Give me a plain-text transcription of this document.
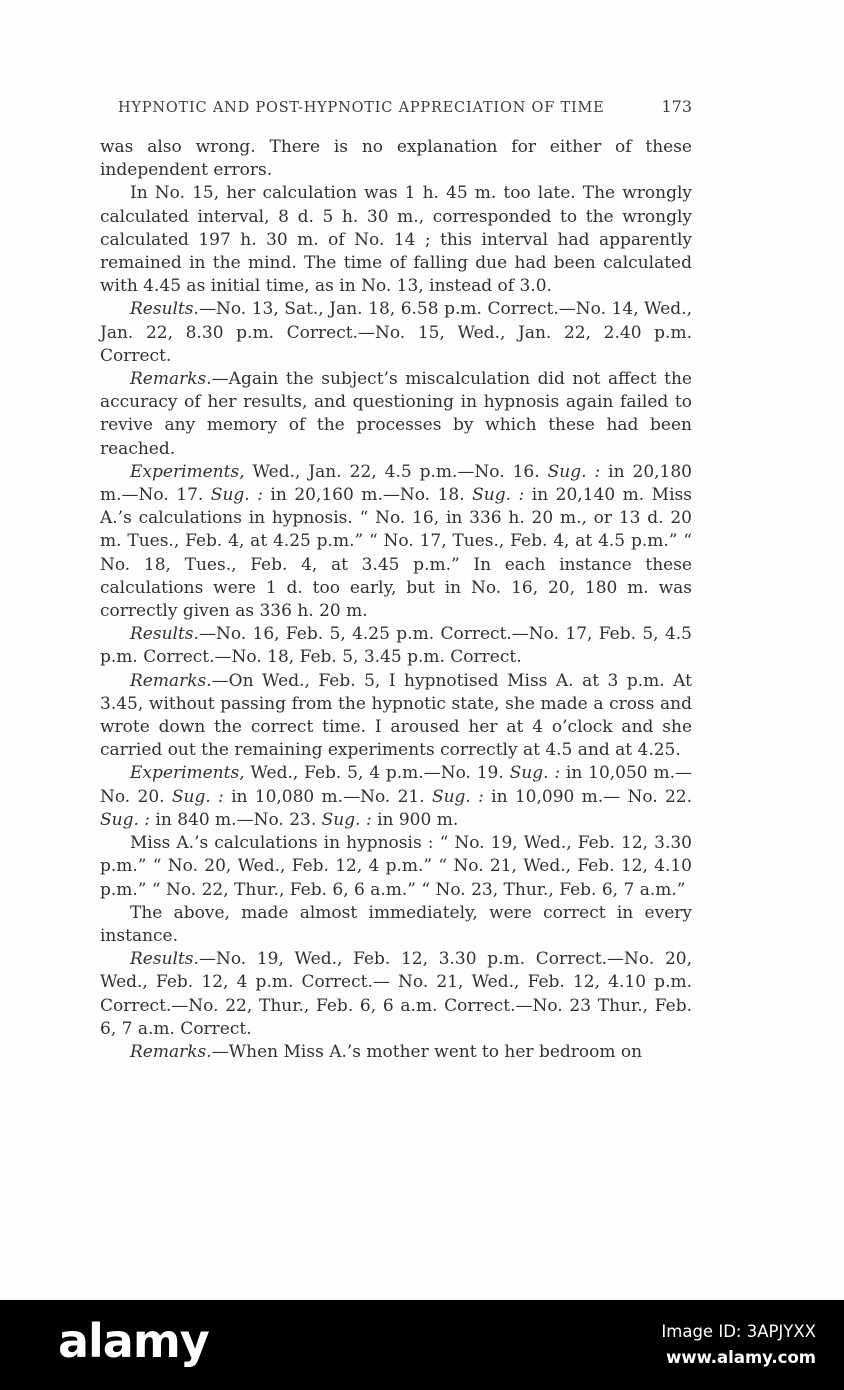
HYPNOTIC AND POST-HYPNOTIC APPRECIATION OF TIME	173

was also wrong. There is no explanation for either of these independent errors.

In No. 15, her calculation was 1 h. 45 m. too late. The wrongly calculated interval, 8 d. 5 h. 30 m., corresponded to the wrongly calculated 197 h. 30 m. of No. 14 ; this interval had apparently remained in the mind. The time of falling due had been calculated with 4.45 as initial time, as in No. 13, instead of 3.0.

Results.—No. 13, Sat., Jan. 18, 6.58 p.m. Correct.—No. 14, Wed., Jan. 22, 8.30 p.m. Correct.—No. 15, Wed., Jan. 22, 2.40 p.m. Correct.

Remarks.—Again the subject’s miscalculation did not affect the accuracy of her results, and questioning in hypnosis again failed to revive any memory of the processes by which these had been reached.

Experiments, Wed., Jan. 22, 4.5 p.m.—No. 16. Sug. : in 20,180 m.—No. 17. Sug. : in 20,160 m.—No. 18. Sug. : in 20,140 m. Miss A.’s calculations in hypnosis. “ No. 16, in 336 h. 20 m., or 13 d. 20 m. Tues., Feb. 4, at 4.25 p.m.” “ No. 17, Tues., Feb. 4, at 4.5 p.m.” “ No. 18, Tues., Feb. 4, at 3.45 p.m.” In each instance these calculations were 1 d. too early, but in No. 16, 20, 180 m. was correctly given as 336 h. 20 m.

Results.—No. 16, Feb. 5, 4.25 p.m. Correct.—No. 17, Feb. 5, 4.5 p.m. Correct.—No. 18, Feb. 5, 3.45 p.m. Correct.

Remarks.—On Wed., Feb. 5, I hypnotised Miss A. at 3 p.m. At 3.45, without passing from the hypnotic state, she made a cross and wrote down the correct time. I aroused her at 4 o’clock and she carried out the remaining experiments correctly at 4.5 and at 4.25.

Experiments, Wed., Feb. 5, 4 p.m.—No. 19. Sug. : in 10,050 m.—No. 20. Sug. : in 10,080 m.—No. 21. Sug. : in 10,090 m.— No. 22. Sug. : in 840 m.—No. 23. Sug. : in 900 m.

Miss A.’s calculations in hypnosis : “ No. 19, Wed., Feb. 12, 3.30 p.m.” “ No. 20, Wed., Feb. 12, 4 p.m.” “ No. 21, Wed., Feb. 12, 4.10 p.m.” “ No. 22, Thur., Feb. 6, 6 a.m.” “ No. 23, Thur., Feb. 6, 7 a.m.”

The above, made almost immediately, were correct in every instance.

Results.—No. 19, Wed., Feb. 12, 3.30 p.m. Correct.—No. 20, Wed., Feb. 12, 4 p.m. Correct.— No. 21, Wed., Feb. 12, 4.10 p.m. Correct.—No. 22, Thur., Feb. 6, 6 a.m. Correct.—No. 23 Thur., Feb. 6, 7 a.m. Correct.

Remarks.—When Miss A.’s mother went to her bedroom on

alamy	Image ID: 3APJYXX
www.alamy.com
